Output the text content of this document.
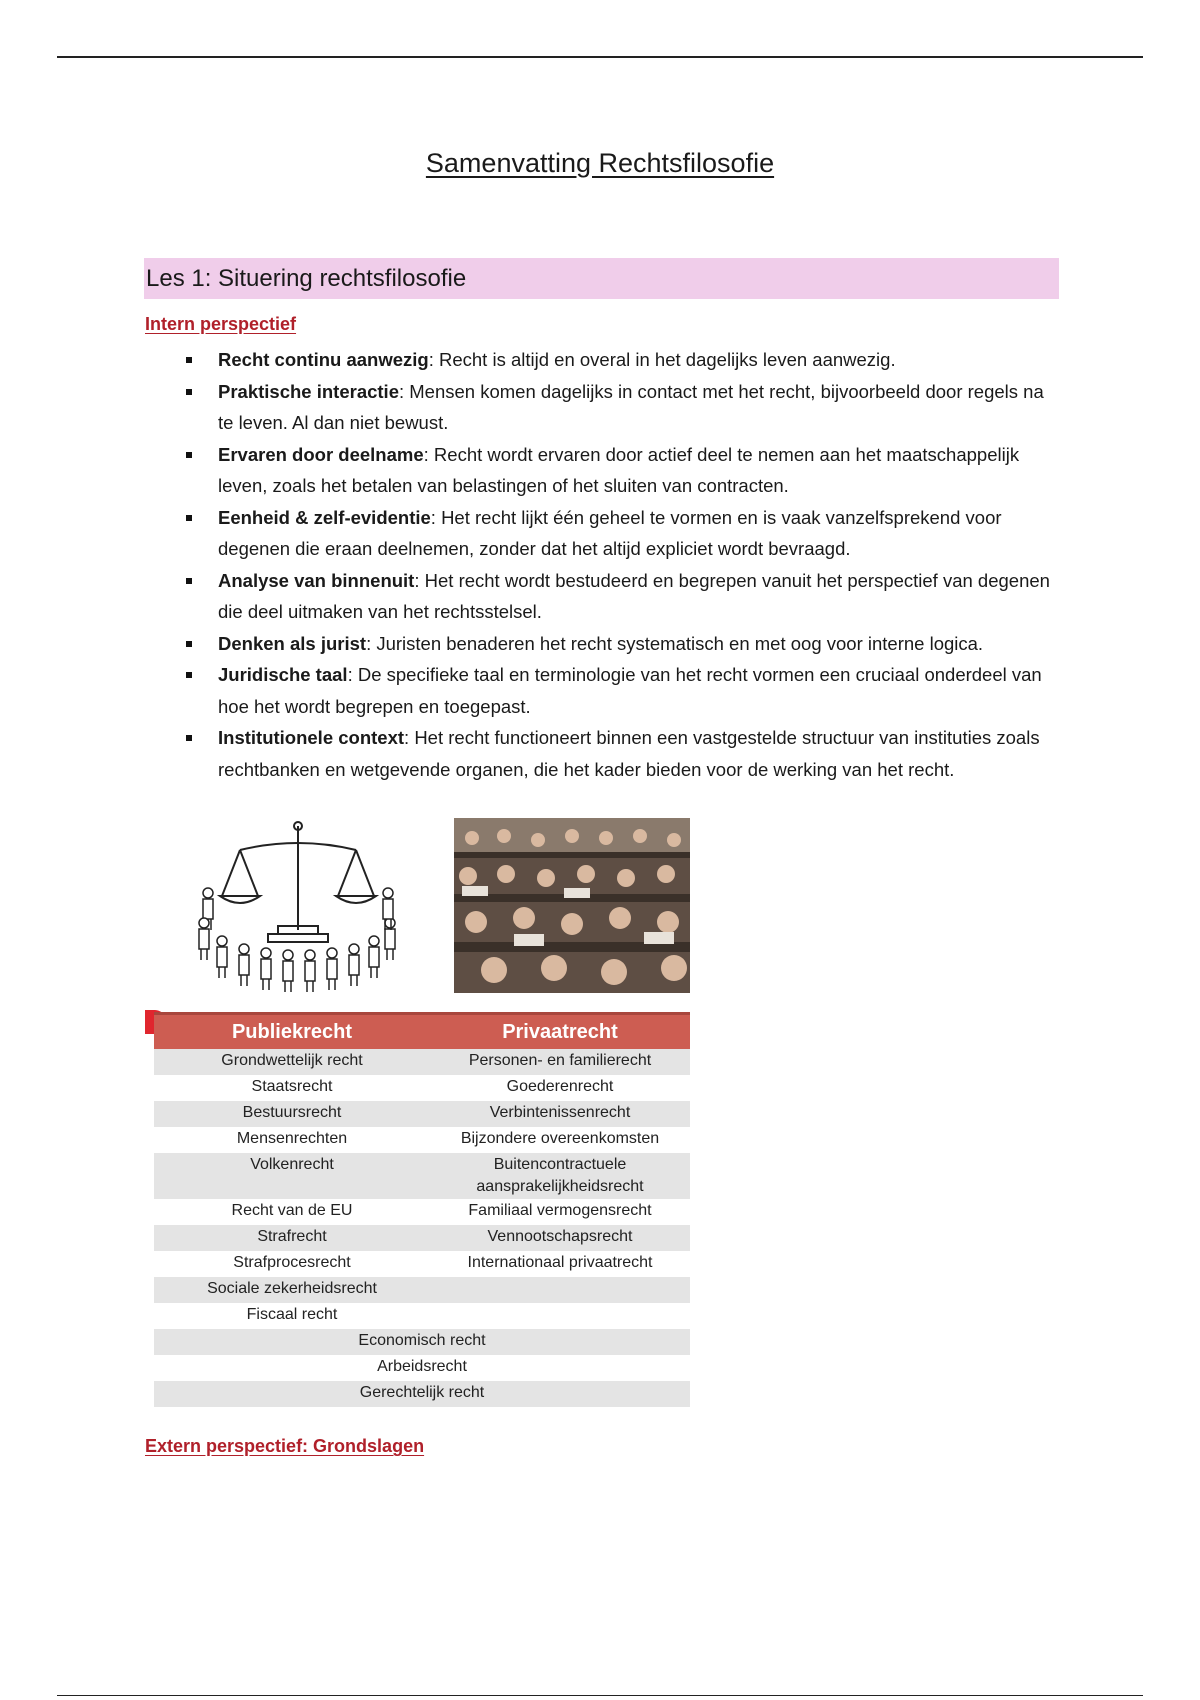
Samenvatting Rechtsfilosofie
Les 1: Situering rechtsfilosofie
Intern perspectief
Recht continu aanwezig: Recht is altijd en overal in het dagelijks leven aanwezig.
Praktische interactie: Mensen komen dagelijks in contact met het recht, bijvoorbeeld door regels na te leven. Al dan niet bewust.
Ervaren door deelname: Recht wordt ervaren door actief deel te nemen aan het maatschappelijk leven, zoals het betalen van belastingen of het sluiten van contracten.
Eenheid & zelf-evidentie: Het recht lijkt één geheel te vormen en is vaak vanzelfsprekend voor degenen die eraan deelnemen, zonder dat het altijd expliciet wordt bevraagd.
Analyse van binnenuit: Het recht wordt bestudeerd en begrepen vanuit het perspectief van degenen die deel uitmaken van het rechtsstelsel.
Denken als jurist: Juristen benaderen het recht systematisch en met oog voor interne logica.
Juridische taal: De specifieke taal en terminologie van het recht vormen een cruciaal onderdeel van hoe het wordt begrepen en toegepast.
Institutionele context: Het recht functioneert binnen een vastgestelde structuur van instituties zoals rechtbanken en wetgevende organen, die het kader bieden voor de werking van het recht.
Publiekrecht	Privaatrecht
Grondwettelijk recht	Personen- en familierecht
Staatsrecht	Goederenrecht
Bestuursrecht	Verbintenissenrecht
Mensenrechten	Bijzondere overeenkomsten
Volkenrecht	Buitencontractuele aansprakelijkheidsrecht
Recht van de EU	Familiaal vermogensrecht
Strafrecht	Vennootschapsrecht
Strafprocesrecht	Internationaal privaatrecht
Sociale zekerheidsrecht	
Fiscaal recht	
Economisch recht	
Arbeidsrecht	
Gerechtelijk recht	
Extern perspectief: Grondslagen
